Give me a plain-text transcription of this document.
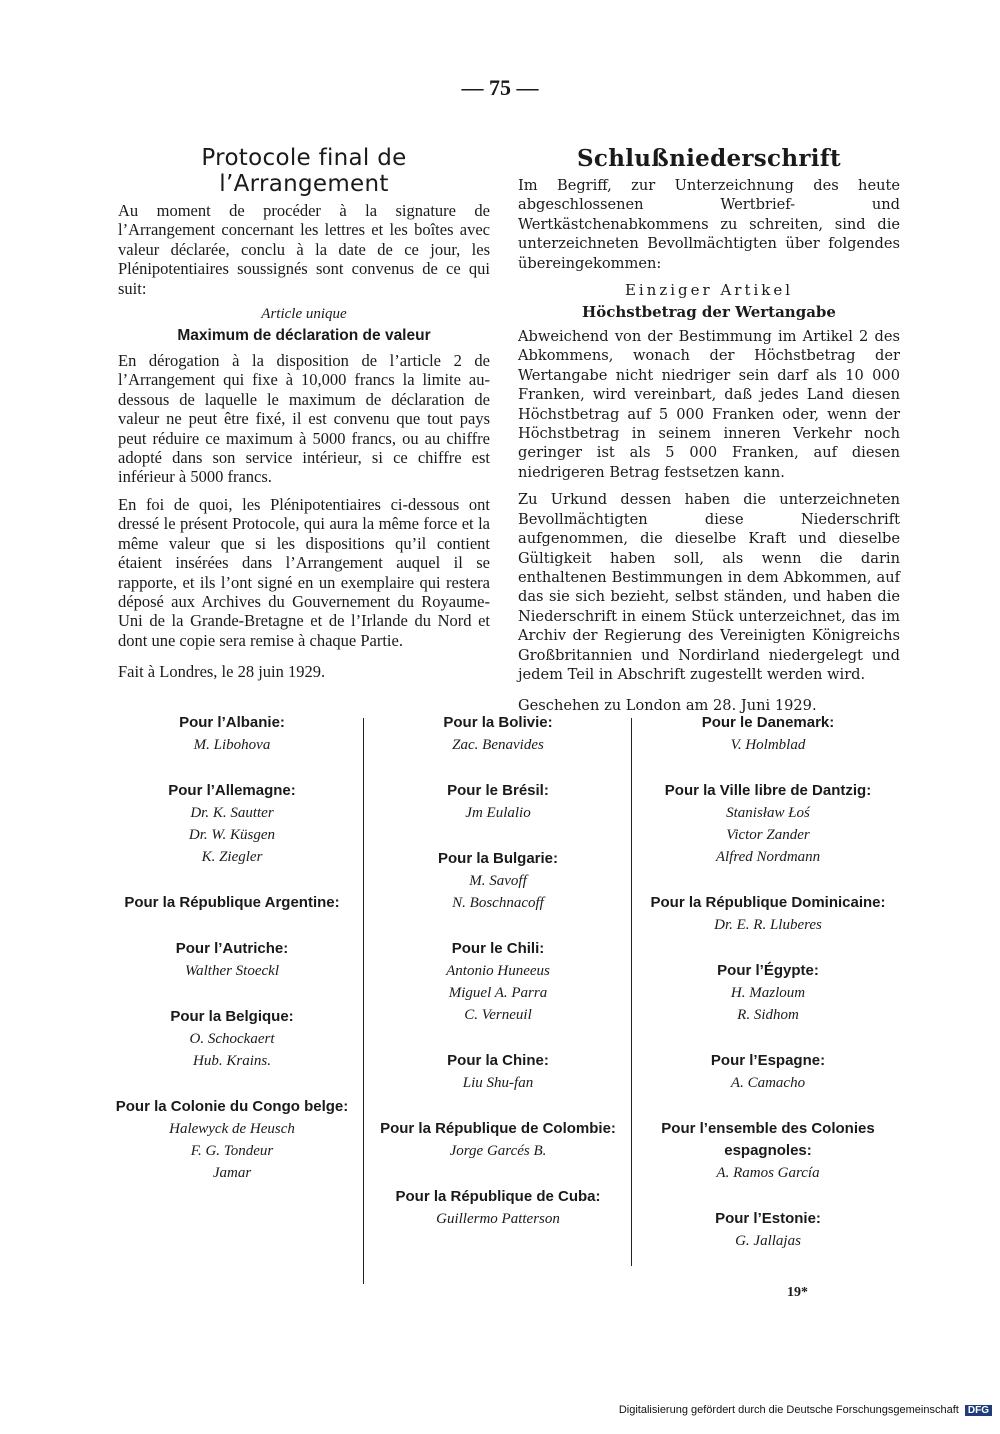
— 75 —
Protocole final de l’Arrangement

Au moment de procéder à la signature de l’Arrangement concernant les lettres et les boîtes avec valeur déclarée, conclu à la date de ce jour, les Plénipotentiaires soussignés sont convenus de ce qui suit:

Article unique
Maximum de déclaration de valeur

En dérogation à la disposition de l’article 2 de l’Arrangement qui fixe à 10,000 francs la limite au-dessous de laquelle le maximum de déclaration de valeur ne peut être fixé, il est convenu que tout pays peut réduire ce maximum à 5000 francs, ou au chiffre adopté dans son service intérieur, si ce chiffre est inférieur à 5000 francs.

En foi de quoi, les Plénipotentiaires ci-dessous ont dressé le présent Protocole, qui aura la même force et la même valeur que si les dispositions qu’il contient étaient insérées dans l’Arrangement auquel il se rapporte, et ils l’ont signé en un exemplaire qui restera déposé aux Archives du Gouvernement du Royaume-Uni de la Grande-Bretagne et de l’Irlande du Nord et dont une copie sera remise à chaque Partie.

Fait à Londres, le 28 juin 1929.

Schlußniederschrift

Im Begriff, zur Unterzeichnung des heute abgeschlossenen Wertbrief- und Wertkästchenabkommens zu schreiten, sind die unterzeichneten Bevollmächtigten über folgendes übereingekommen:

Einziger Artikel
Höchstbetrag der Wertangabe

Abweichend von der Bestimmung im Artikel 2 des Abkommens, wonach der Höchstbetrag der Wertangabe nicht niedriger sein darf als 10 000 Franken, wird vereinbart, daß jedes Land diesen Höchstbetrag auf 5 000 Franken oder, wenn der Höchstbetrag in seinem inneren Verkehr noch geringer ist als 5 000 Franken, auf diesen niedrigeren Betrag festsetzen kann.

Zu Urkund dessen haben die unterzeichneten Bevollmächtigten diese Niederschrift aufgenommen, die dieselbe Kraft und dieselbe Gültigkeit haben soll, als wenn die darin enthaltenen Bestimmungen in dem Abkommen, auf das sie sich bezieht, selbst ständen, und haben die Niederschrift in einem Stück unterzeichnet, das im Archiv der Regierung des Vereinigten Königreichs Großbritannien und Nordirland niedergelegt und jedem Teil in Abschrift zugestellt werden wird.

Geschehen zu London am 28. Juni 1929.

Pour l’Albanie:
M. Libohova
Pour l’Allemagne:
Dr. K. Sautter
Dr. W. Küsgen
K. Ziegler
Pour la République Argentine:
Pour l’Autriche:
Walther Stoeckl
Pour la Belgique:
O. Schockaert
Hub. Krains.
Pour la Colonie du Congo belge:
Halewyck de Heusch
F. G. Tondeur
Jamar
Pour la Bolivie:
Zac. Benavides
Pour le Brésil:
Jm Eulalio
Pour la Bulgarie:
M. Savoff
N. Boschnacoff
Pour le Chili:
Antonio Huneeus
Miguel A. Parra
C. Verneuil
Pour la Chine:
Liu Shu-fan
Pour la République de Colombie:
Jorge Garcés B.
Pour la République de Cuba:
Guillermo Patterson
Pour le Danemark:
V. Holmblad
Pour la Ville libre de Dantzig:
Stanisław Łoś
Victor Zander
Alfred Nordmann
Pour la République Dominicaine:
Dr. E. R. Lluberes
Pour l’Égypte:
H. Mazloum
R. Sidhom
Pour l’Espagne:
A. Camacho
Pour l’ensemble des Colonies espagnoles:
A. Ramos García
Pour l’Estonie:
G. Jallajas
19*
Digitalisierung gefördert durch die Deutsche Forschungsgemeinschaft DFG
